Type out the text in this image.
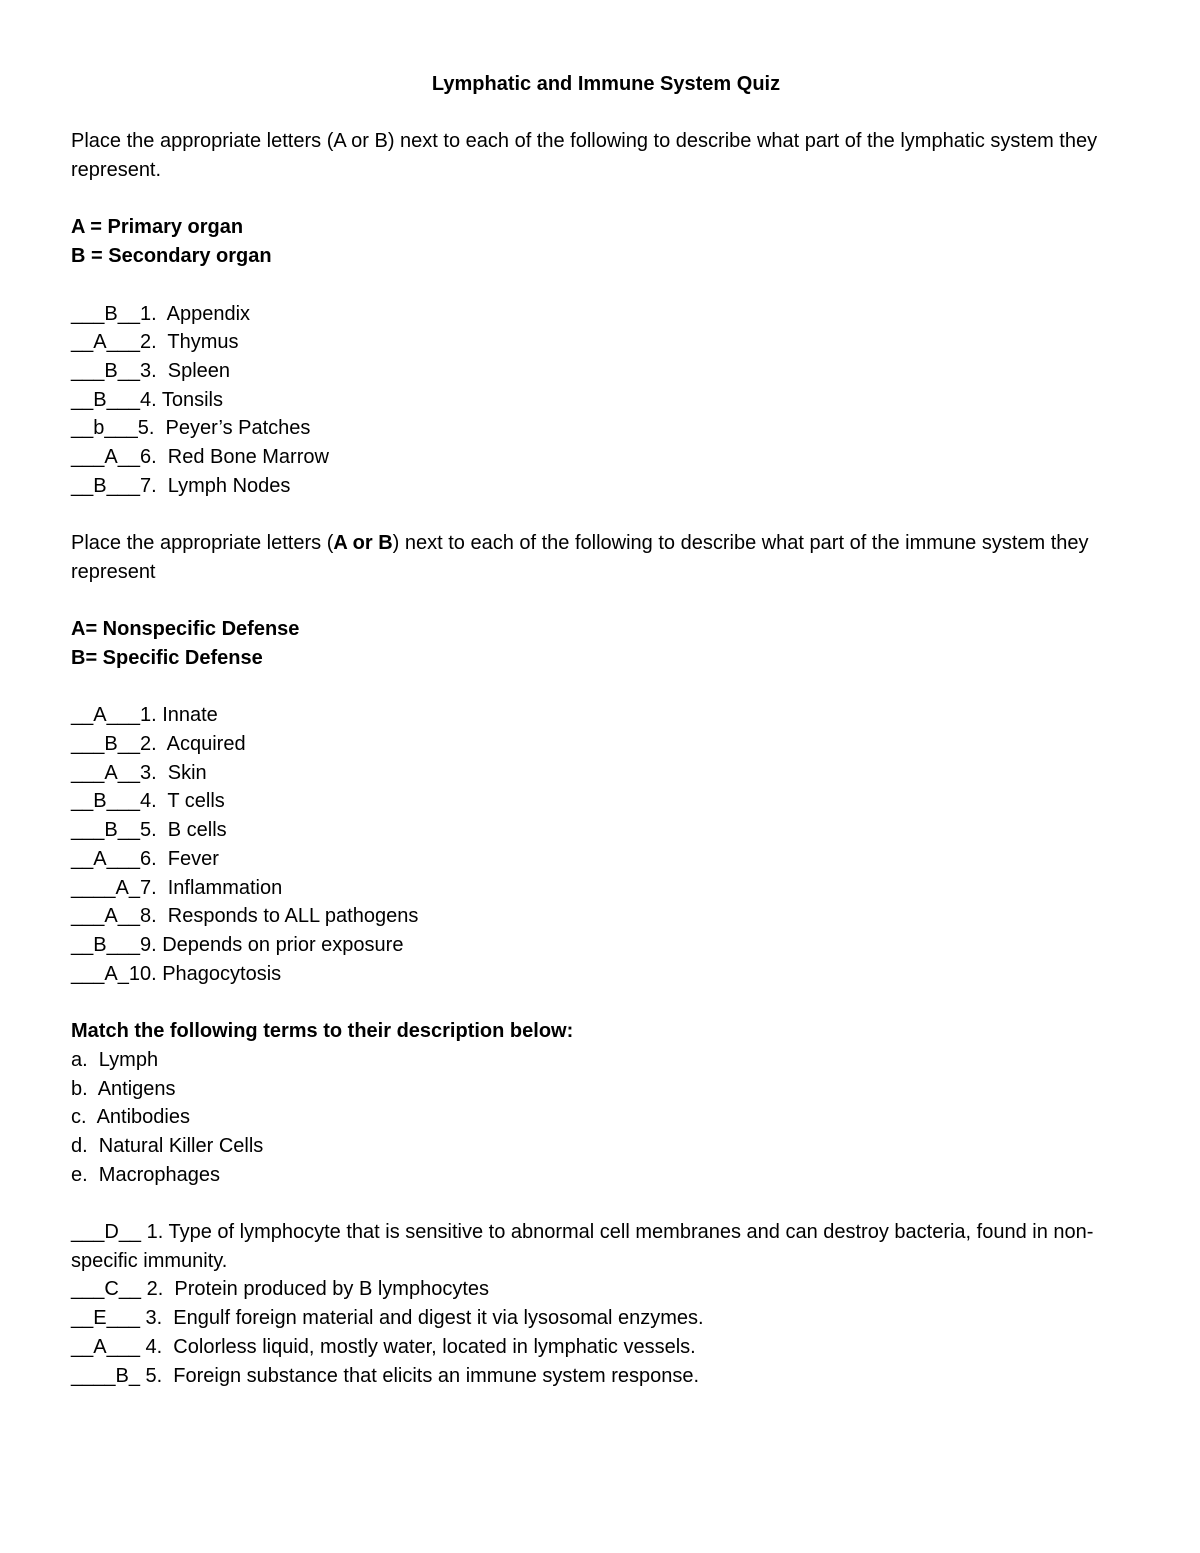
Lymphatic and Immune System Quiz
Place the appropriate letters (A or B) next to each of the following to describe what part of the lymphatic system they represent.
A = Primary organ
B = Secondary organ
___B__1.  Appendix
__A___2.  Thymus
___B__3.  Spleen
__B___4. Tonsils
__b___5.  Peyer’s Patches
___A__6.  Red Bone Marrow
__B___7.  Lymph Nodes
Place the appropriate letters (A or B) next to each of the following to describe what part of the immune system they represent
A= Nonspecific Defense
B= Specific Defense
__A___1. Innate
___B__2.  Acquired
___A__3.  Skin
__B___4.  T cells
___B__5.  B cells
__A___6.  Fever
____A_7.  Inflammation
___A__8.  Responds to ALL pathogens
__B___9. Depends on prior exposure
___A_10. Phagocytosis
Match the following terms to their description below:
a.  Lymph
b.  Antigens
c.  Antibodies
d.  Natural Killer Cells
e.  Macrophages
___D__ 1. Type of lymphocyte that is sensitive to abnormal cell membranes and can destroy bacteria, found in non-specific immunity.
___C__ 2.  Protein produced by B lymphocytes
__E___ 3.  Engulf foreign material and digest it via lysosomal enzymes.
__A___ 4.  Colorless liquid, mostly water, located in lymphatic vessels.
____B_ 5.  Foreign substance that elicits an immune system response.
